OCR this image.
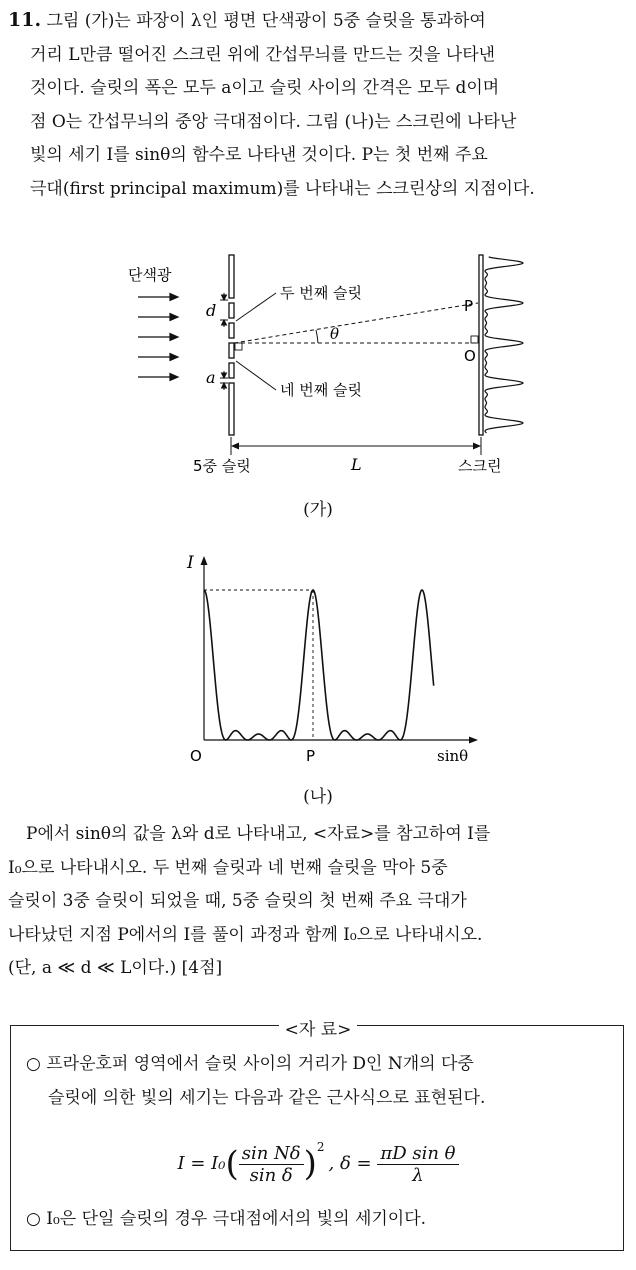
11. 그림 (가)는 파장이 λ인 평면 단색광이 5중 슬릿을 통과하여
거리 L만큼 떨어진 스크린 위에 간섭무늬를 만드는 것을 나타낸
것이다. 슬릿의 폭은 모두 a이고 슬릿 사이의 간격은 모두 d이며
점 O는 간섭무늬의 중앙 극대점이다. 그림 (나)는 스크린에 나타난
빛의 세기 I를 sinθ의 함수로 나타낸 것이다. P는 첫 번째 주요
극대(first principal maximum)를 나타내는 스크린상의 지점이다.
단색광
d
a
두 번째 슬릿
네 번째 슬릿
θ
P
O
5중 슬릿	L	스크린
(가)
I
O	P	sinθ
(나)
P에서 sinθ의 값을 λ와 d로 나타내고, <자료>를 참고하여 I를
I₀으로 나타내시오. 두 번째 슬릿과 네 번째 슬릿을 막아 5중
슬릿이 3중 슬릿이 되었을 때, 5중 슬릿의 첫 번째 주요 극대가
나타났던 지점 P에서의 I를 풀이 과정과 함께 I₀으로 나타내시오.
(단, a ≪ d ≪ L이다.) [4점]
<자 료>
○ 프라운호퍼 영역에서 슬릿 사이의 거리가 D인 N개의 다중
슬릿에 의한 빛의 세기는 다음과 같은 근사식으로 표현된다.
$I = I_0( \frac{\text{sin Nδ}}{\text{sin δ}} )^2$, $\delta = \frac{\text{πD sin θ}}{\lambda}$
○ I₀은 단일 슬릿의 경우 극대점에서의 빛의 세기이다.
